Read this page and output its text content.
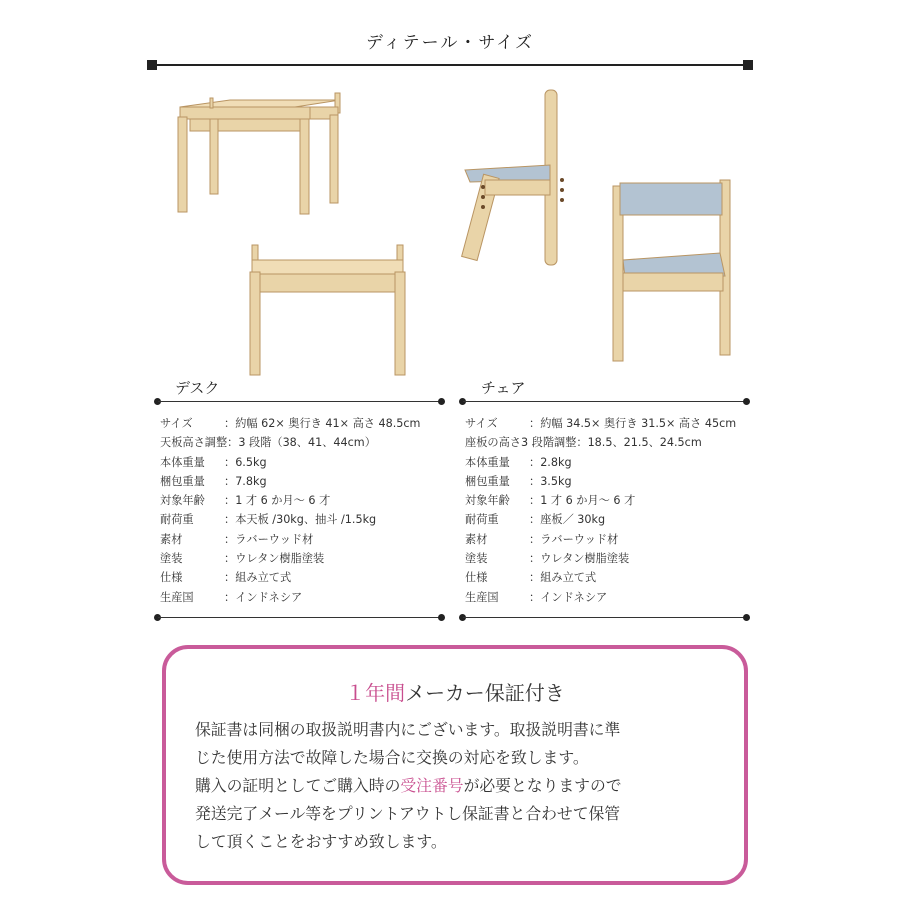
ディテール・サイズ
デスク
サイズ	：約幅 62× 奥行き 41× 高さ 48.5cm
天板高さ調整 ：3 段階（38、41、44cm）
本体重量	：6.5kg
梱包重量	：7.8kg
対象年齢	：1 才 6 か月～ 6 才
耐荷重	：本天板 /30kg、抽斗 /1.5kg
素材	：ラバーウッド材
塗装	：ウレタン樹脂塗装
仕様	：組み立て式
生産国	：インドネシア
チェア
サイズ	：約幅 34.5× 奥行き 31.5× 高さ 45cm
座板の高さ 3 段階調整：18.5、21.5、24.5cm
本体重量	：2.8kg
梱包重量	：3.5kg
対象年齢	：1 才 6 か月～ 6 才
耐荷重	：座板／ 30kg
素材	：ラバーウッド材
塗装	：ウレタン樹脂塗装
仕様	：組み立て式
生産国	：インドネシア
１年間メーカー保証付き
保証書は同梱の取扱説明書内にございます。取扱説明書に準
じた使用方法で故障した場合に交換の対応を致します。
購入の証明としてご購入時の受注番号が必要となりますので
発送完了メール等をプリントアウトし保証書と合わせて保管
して頂くことをおすすめ致します。
